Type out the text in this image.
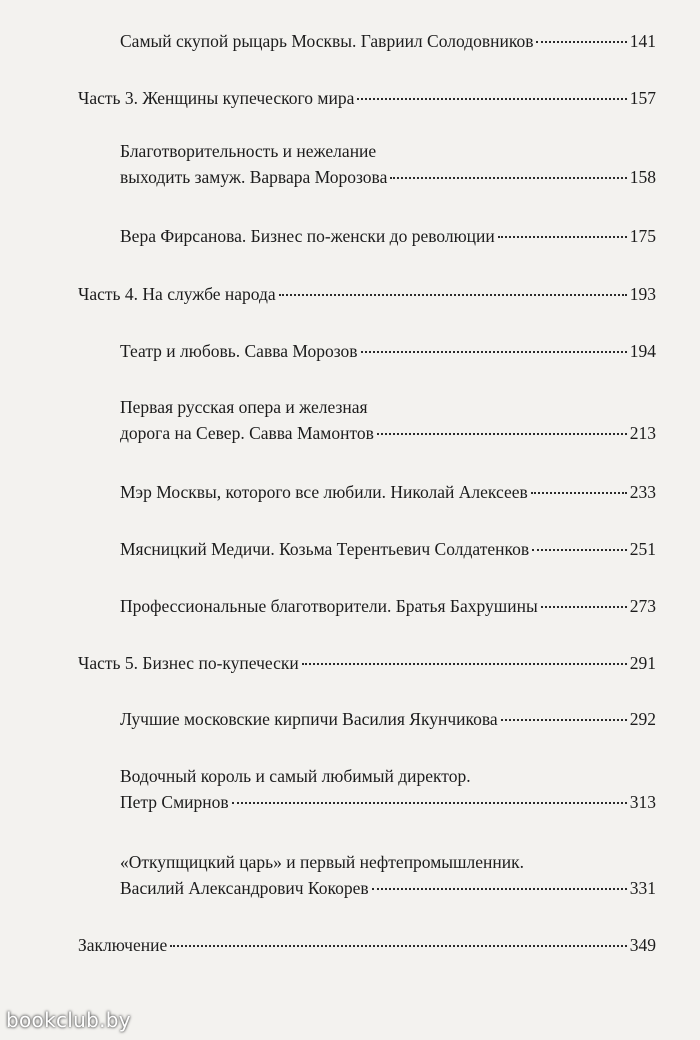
Самый скупой рыцарь Москвы. Гавриил Солодовников	141
Часть 3. Женщины купеческого мира	157
Благотворительность и нежелание
выходить замуж. Варвара Морозова	158
Вера Фирсанова. Бизнес по-женски до революции	175
Часть 4. На службе народа	193
Театр и любовь. Савва Морозов	194
Первая русская опера и железная
дорога на Север. Савва Мамонтов	213
Мэр Москвы, которого все любили. Николай Алексеев	233
Мясницкий Медичи. Козьма Терентьевич Солдатенков	251
Профессиональные благотворители. Братья Бахрушины	273
Часть 5. Бизнес по-купечески	291
Лучшие московские кирпичи Василия Якунчикова	292
Водочный король и самый любимый директор.
Петр Смирнов	313
«Откупщицкий царь» и первый нефтепромышленник.
Василий Александрович Кокорев	331
Заключение	349
bookclub.by
